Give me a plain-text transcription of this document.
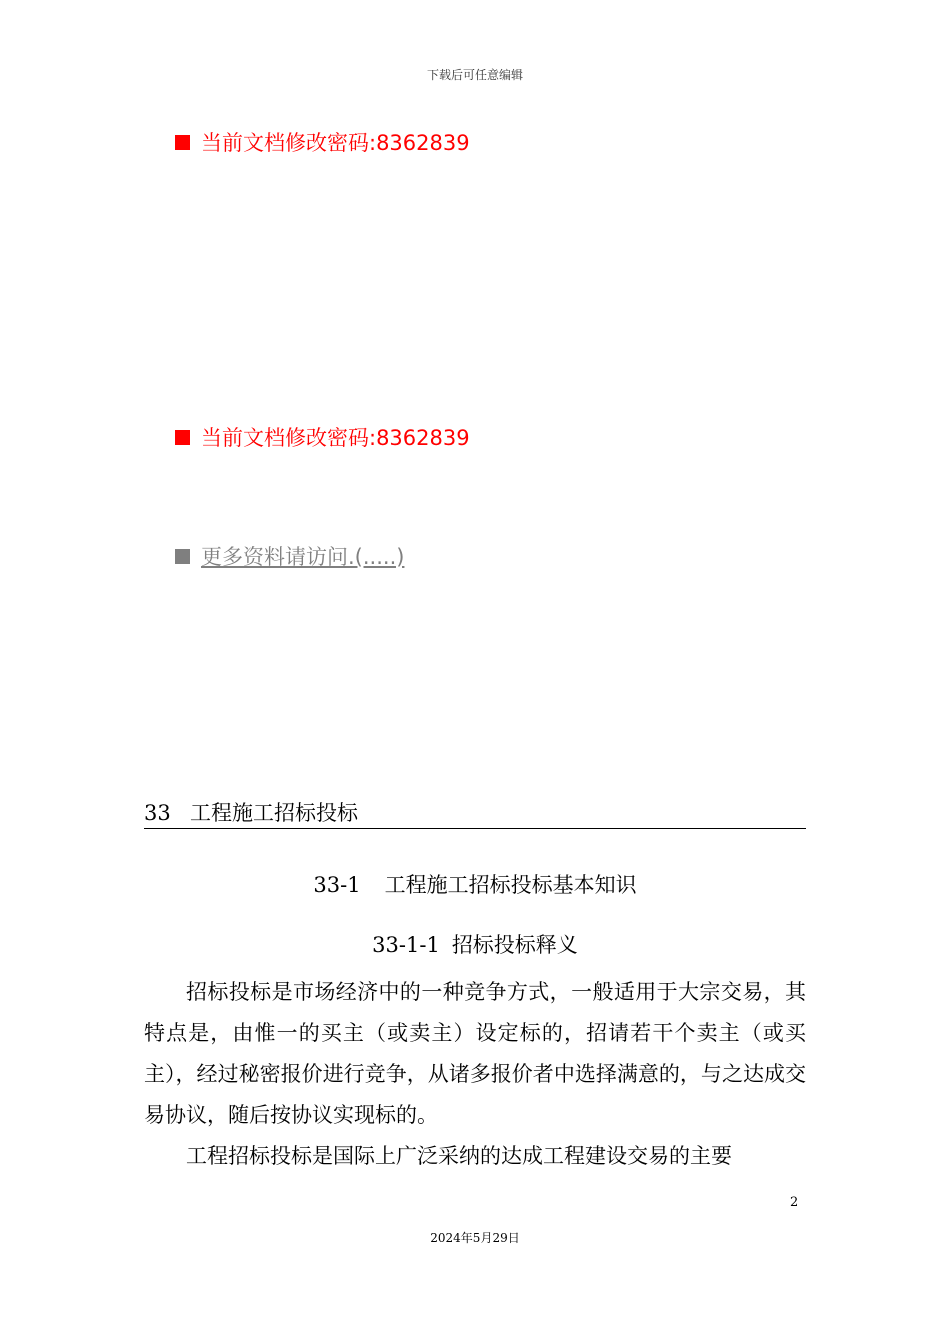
下载后可任意编辑
当前文档修改密码:8362839
当前文档修改密码:8362839
更多资料请访问.(.....)
33 工程施工招标投标
33-1 工程施工招标投标基本知识
33-1-1 招标投标释义

招标投标是市场经济中的一种竞争方式，一般适用于大宗交易，其特点是，由惟一的买主（或卖主）设定标的，招请若干个卖主（或买主），经过秘密报价进行竞争，从诸多报价者中选择满意的，与之达成交易协议，随后按协议实现标的。

工程招标投标是国际上广泛采纳的达成工程建设交易的主要

2
2024年5月29日
